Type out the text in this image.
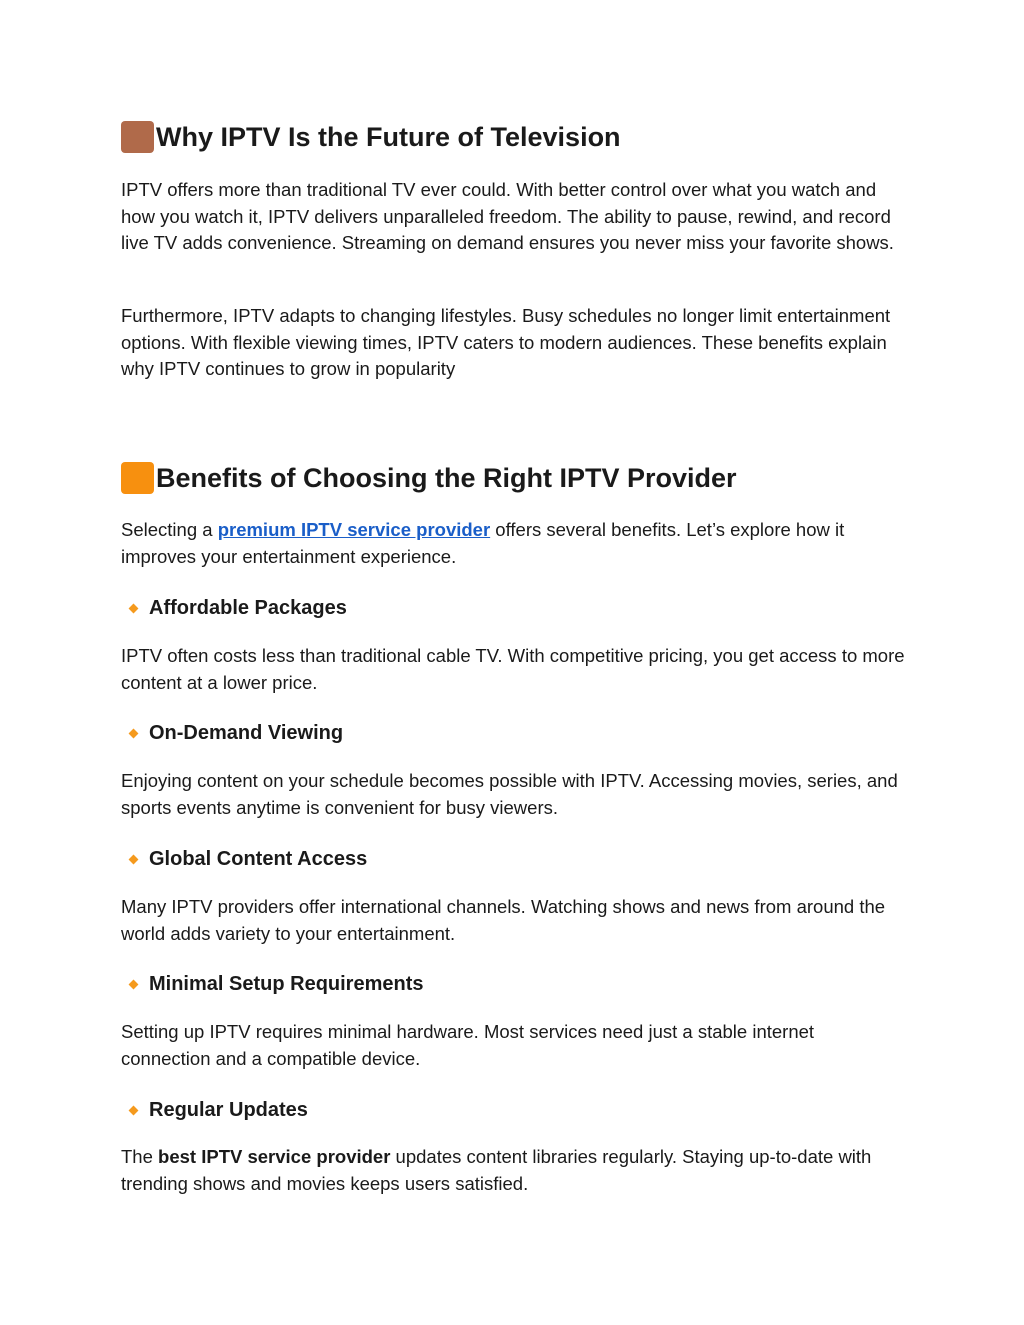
Why IPTV Is the Future of Television

IPTV offers more than traditional TV ever could. With better control over what you watch and how you watch it, IPTV delivers unparalleled freedom. The ability to pause, rewind, and record live TV adds convenience. Streaming on demand ensures you never miss your favorite shows.

Furthermore, IPTV adapts to changing lifestyles. Busy schedules no longer limit entertainment options. With flexible viewing times, IPTV caters to modern audiences. These benefits explain why IPTV continues to grow in popularity

Benefits of Choosing the Right IPTV Provider

Selecting a premium IPTV service provider offers several benefits. Let’s explore how it improves your entertainment experience.

Affordable Packages

IPTV often costs less than traditional cable TV. With competitive pricing, you get access to more content at a lower price.

On-Demand Viewing

Enjoying content on your schedule becomes possible with IPTV. Accessing movies, series, and sports events anytime is convenient for busy viewers.

Global Content Access

Many IPTV providers offer international channels. Watching shows and news from around the world adds variety to your entertainment.

Minimal Setup Requirements

Setting up IPTV requires minimal hardware. Most services need just a stable internet connection and a compatible device.

Regular Updates

The best IPTV service provider updates content libraries regularly. Staying up-to-date with trending shows and movies keeps users satisfied.
